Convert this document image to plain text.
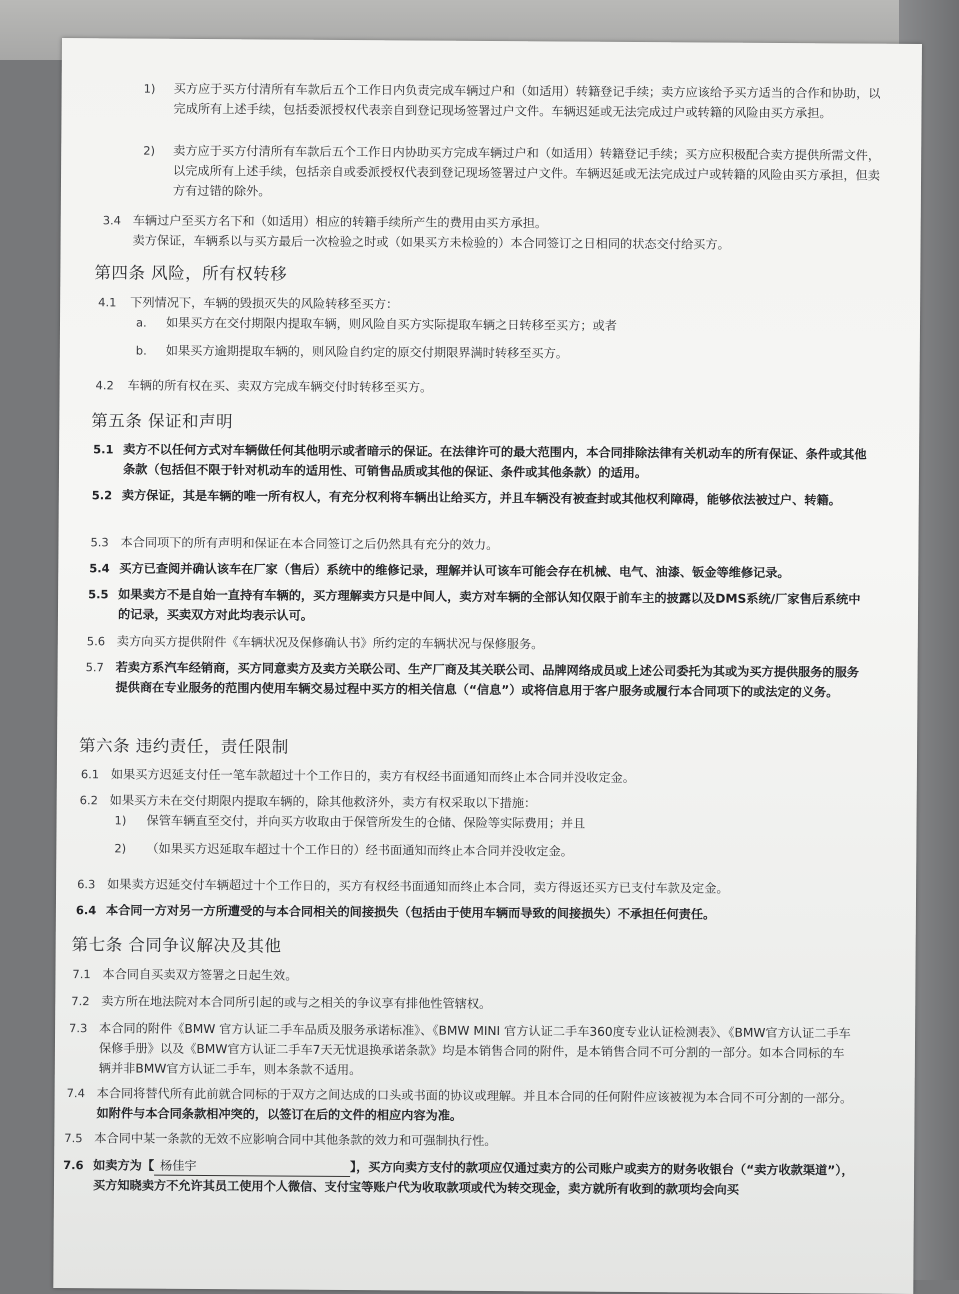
1) 买方应于买方付清所有车款后五个工作日内负责完成车辆过户和（如适用）转籍登记手续；卖方应该给予买方适当的合作和协助，以完成所有上述手续，包括委派授权代表亲自到登记现场签署过户文件。车辆迟延或无法完成过户或转籍的风险由买方承担。
2) 卖方应于买方付清所有车款后五个工作日内协助买方完成车辆过户和（如适用）转籍登记手续；买方应积极配合卖方提供所需文件，以完成所有上述手续，包括亲自或委派授权代表到登记现场签署过户文件。车辆迟延或无法完成过户或转籍的风险由买方承担，但卖方有过错的除外。
3.4 车辆过户至买方名下和（如适用）相应的转籍手续所产生的费用由买方承担。
卖方保证，车辆系以与买方最后一次检验之时或（如果买方未检验的）本合同签订之日相同的状态交付给买方。
第四条 风险，所有权转移
4.1 下列情况下，车辆的毁损灭失的风险转移至买方：
a. 如果买方在交付期限内提取车辆，则风险自买方实际提取车辆之日转移至买方；或者
b. 如果买方逾期提取车辆的，则风险自约定的原交付期限界满时转移至买方。
4.2 车辆的所有权在买、卖双方完成车辆交付时转移至买方。
第五条 保证和声明
5.1 卖方不以任何方式对车辆做任何其他明示或者暗示的保证。在法律许可的最大范围内，本合同排除法律有关机动车的所有保证、条件或其他条款（包括但不限于针对机动车的适用性、可销售品质或其他的保证、条件或其他条款）的适用。
5.2 卖方保证，其是车辆的唯一所有权人，有充分权利将车辆出让给买方，并且车辆没有被查封或其他权利障碍，能够依法被过户、转籍。
5.3 本合同项下的所有声明和保证在本合同签订之后仍然具有充分的效力。
5.4 买方已查阅并确认该车在厂家（售后）系统中的维修记录，理解并认可该车可能会存在机械、电气、油漆、钣金等维修记录。
5.5 如果卖方不是自始一直持有车辆的，买方理解卖方只是中间人，卖方对车辆的全部认知仅限于前车主的披露以及DMS系统/厂家售后系统中的记录，买卖双方对此均表示认可。
5.6 卖方向买方提供附件《车辆状况及保修确认书》所约定的车辆状况与保修服务。
5.7 若卖方系汽车经销商，买方同意卖方及卖方关联公司、生产厂商及其关联公司、品牌网络成员或上述公司委托为其或为买方提供服务的服务提供商在专业服务的范围内使用车辆交易过程中买方的相关信息（“信息”）或将信息用于客户服务或履行本合同项下的或法定的义务。
第六条 违约责任，责任限制
6.1 如果买方迟延支付任一笔车款超过十个工作日的，卖方有权经书面通知而终止本合同并没收定金。
6.2 如果买方未在交付期限内提取车辆的，除其他救济外，卖方有权采取以下措施：
1) 保管车辆直至交付，并向买方收取由于保管所发生的仓储、保险等实际费用；并且
2) （如果买方迟延取车超过十个工作日的）经书面通知而终止本合同并没收定金。
6.3 如果卖方迟延交付车辆超过十个工作日的，买方有权经书面通知而终止本合同，卖方得返还买方已支付车款及定金。
6.4 本合同一方对另一方所遭受的与本合同相关的间接损失（包括由于使用车辆而导致的间接损失）不承担任何责任。
第七条 合同争议解决及其他
7.1 本合同自买卖双方签署之日起生效。
7.2 卖方所在地法院对本合同所引起的或与之相关的争议享有排他性管辖权。
7.3 本合同的附件《BMW 官方认证二手车品质及服务承诺标准》、《BMW MINI 官方认证二手车360度专业认证检测表》、《BMW官方认证二手车保修手册》以及《BMW官方认证二手车7天无忧退换承诺条款》均是本销售合同的附件，是本销售合同不可分割的一部分。如本合同标的车辆并非BMW官方认证二手车，则本条款不适用。
7.4 本合同将替代所有此前就合同标的于双方之间达成的口头或书面的协议或理解。并且本合同的任何附件应该被视为本合同不可分割的一部分。如附件与本合同条款相冲突的，以签订在后的文件的相应内容为准。
7.5 本合同中某一条款的无效不应影响合同中其他条款的效力和可强制执行性。
7.6 如卖方为【 杨佳宇	】，买方向卖方支付的款项应仅通过卖方的公司账户或卖方的财务收银台（“卖方收款渠道”），买方知晓卖方不允许其员工使用个人微信、支付宝等账户代为收取款项或代为转交现金，卖方就所有收到的款项均会向买
